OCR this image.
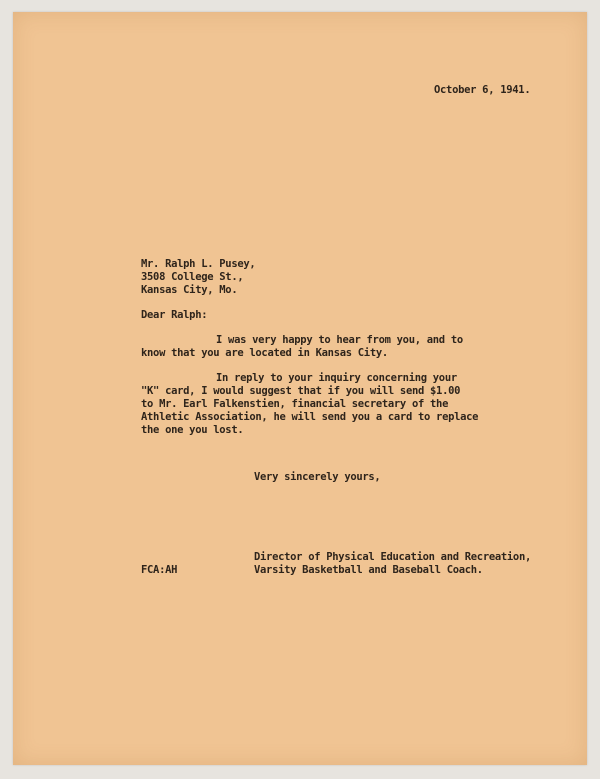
October 6, 1941.
Mr. Ralph L. Pusey,
3508 College St.,
Kansas City, Mo.
Dear Ralph:
I was very happy to hear from you, and to
know that you are located in Kansas City.
In reply to your inquiry concerning your
"K" card, I would suggest that if you will send $1.00
to Mr. Earl Falkenstien, financial secretary of the
Athletic Association, he will send you a card to replace
the one you lost.
Very sincerely yours,
FCA:AH
Director of Physical Education and Recreation,
Varsity Basketball and Baseball Coach.
